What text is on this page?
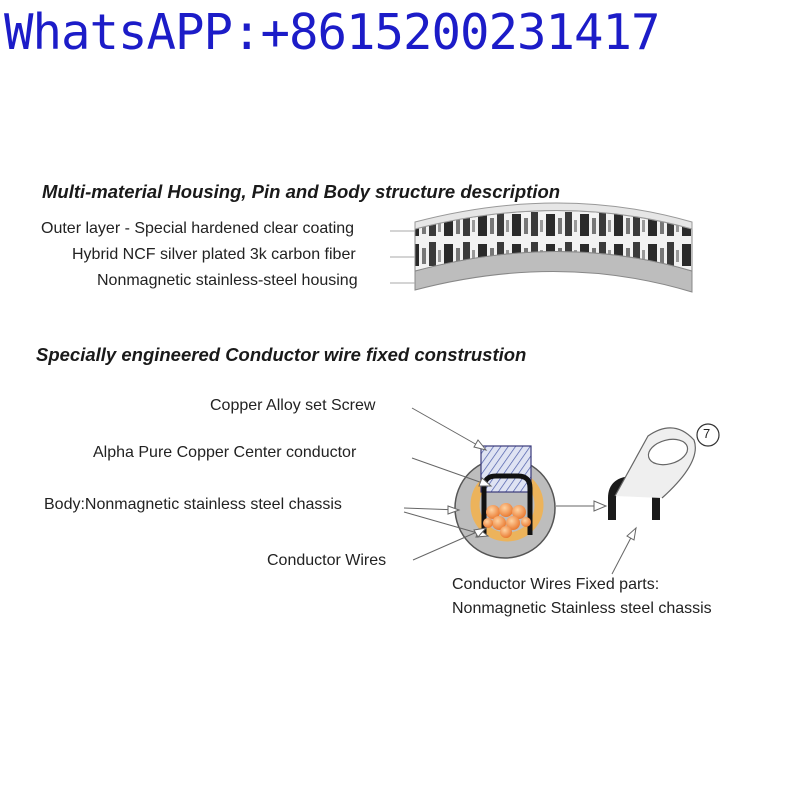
WhatsAPP:+8615200231417
Multi-material Housing, Pin and Body structure description
Outer layer - Special hardened clear coating
Hybrid NCF silver plated 3k carbon fiber
Nonmagnetic stainless-steel housing
Specially engineered Conductor wire fixed construstion
Copper Alloy set Screw
Alpha Pure Copper Center conductor
Body:Nonmagnetic stainless steel chassis
Conductor Wires
Conductor Wires Fixed parts:
Nonmagnetic Stainless steel chassis
7
